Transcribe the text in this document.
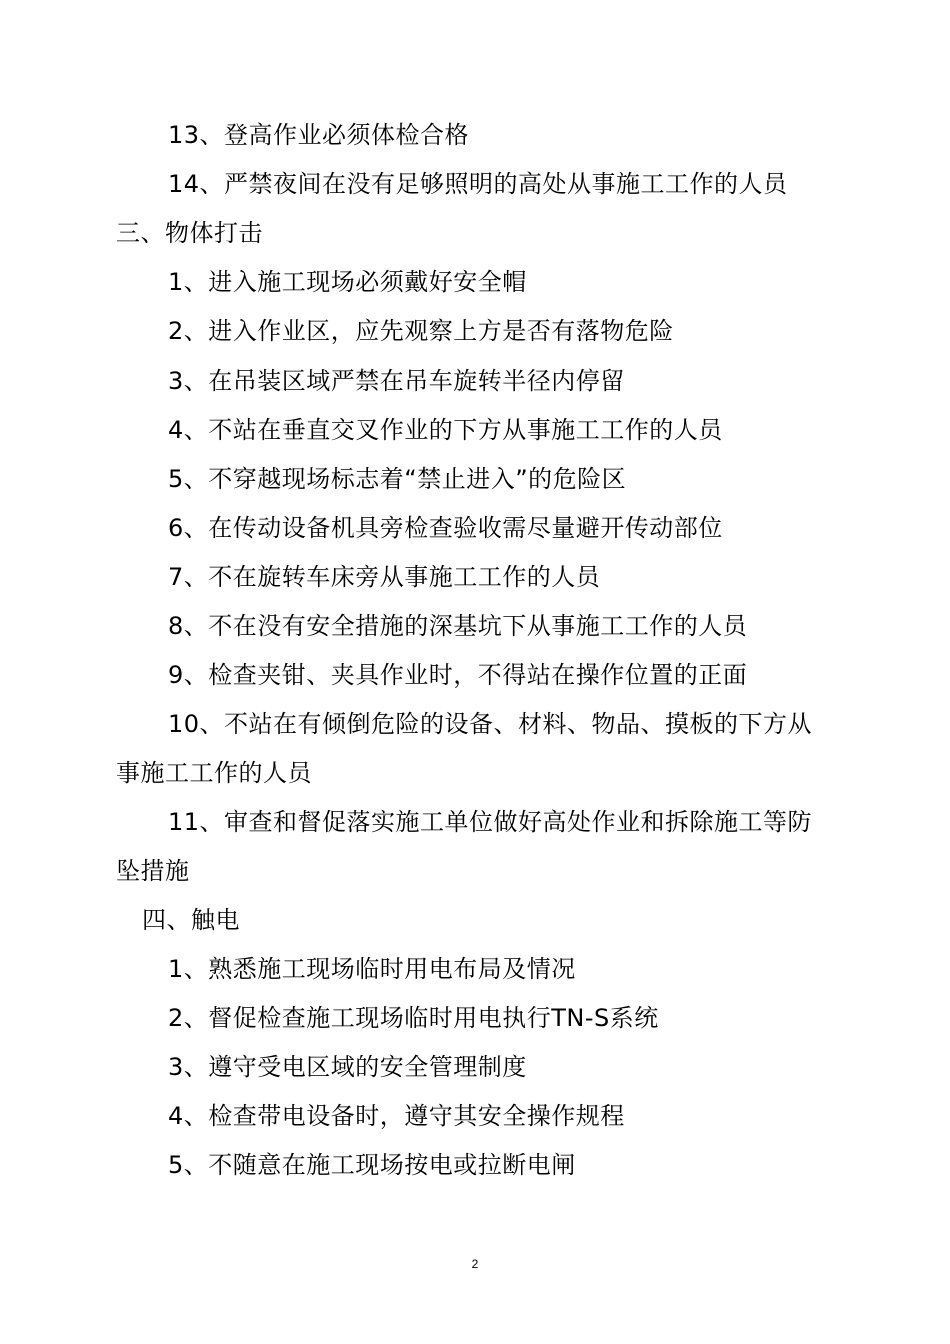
13、登高作业必须体检合格
14、严禁夜间在没有足够照明的高处从事施工工作的人员
三、物体打击
1、进入施工现场必须戴好安全帽
2、进入作业区，应先观察上方是否有落物危险
3、在吊装区域严禁在吊车旋转半径内停留
4、不站在垂直交叉作业的下方从事施工工作的人员
5、不穿越现场标志着“禁止进入”的危险区
6、在传动设备机具旁检查验收需尽量避开传动部位
7、不在旋转车床旁从事施工工作的人员
8、不在没有安全措施的深基坑下从事施工工作的人员
9、检查夹钳、夹具作业时，不得站在操作位置的正面
10、不站在有倾倒危险的设备、材料、物品、摸板的下方从
事施工工作的人员
11、审查和督促落实施工单位做好高处作业和拆除施工等防
坠措施
四、触电
1、熟悉施工现场临时用电布局及情况
2、督促检查施工现场临时用电执行TN-S系统
3、遵守受电区域的安全管理制度
4、检查带电设备时，遵守其安全操作规程
5、不随意在施工现场按电或拉断电闸
2
